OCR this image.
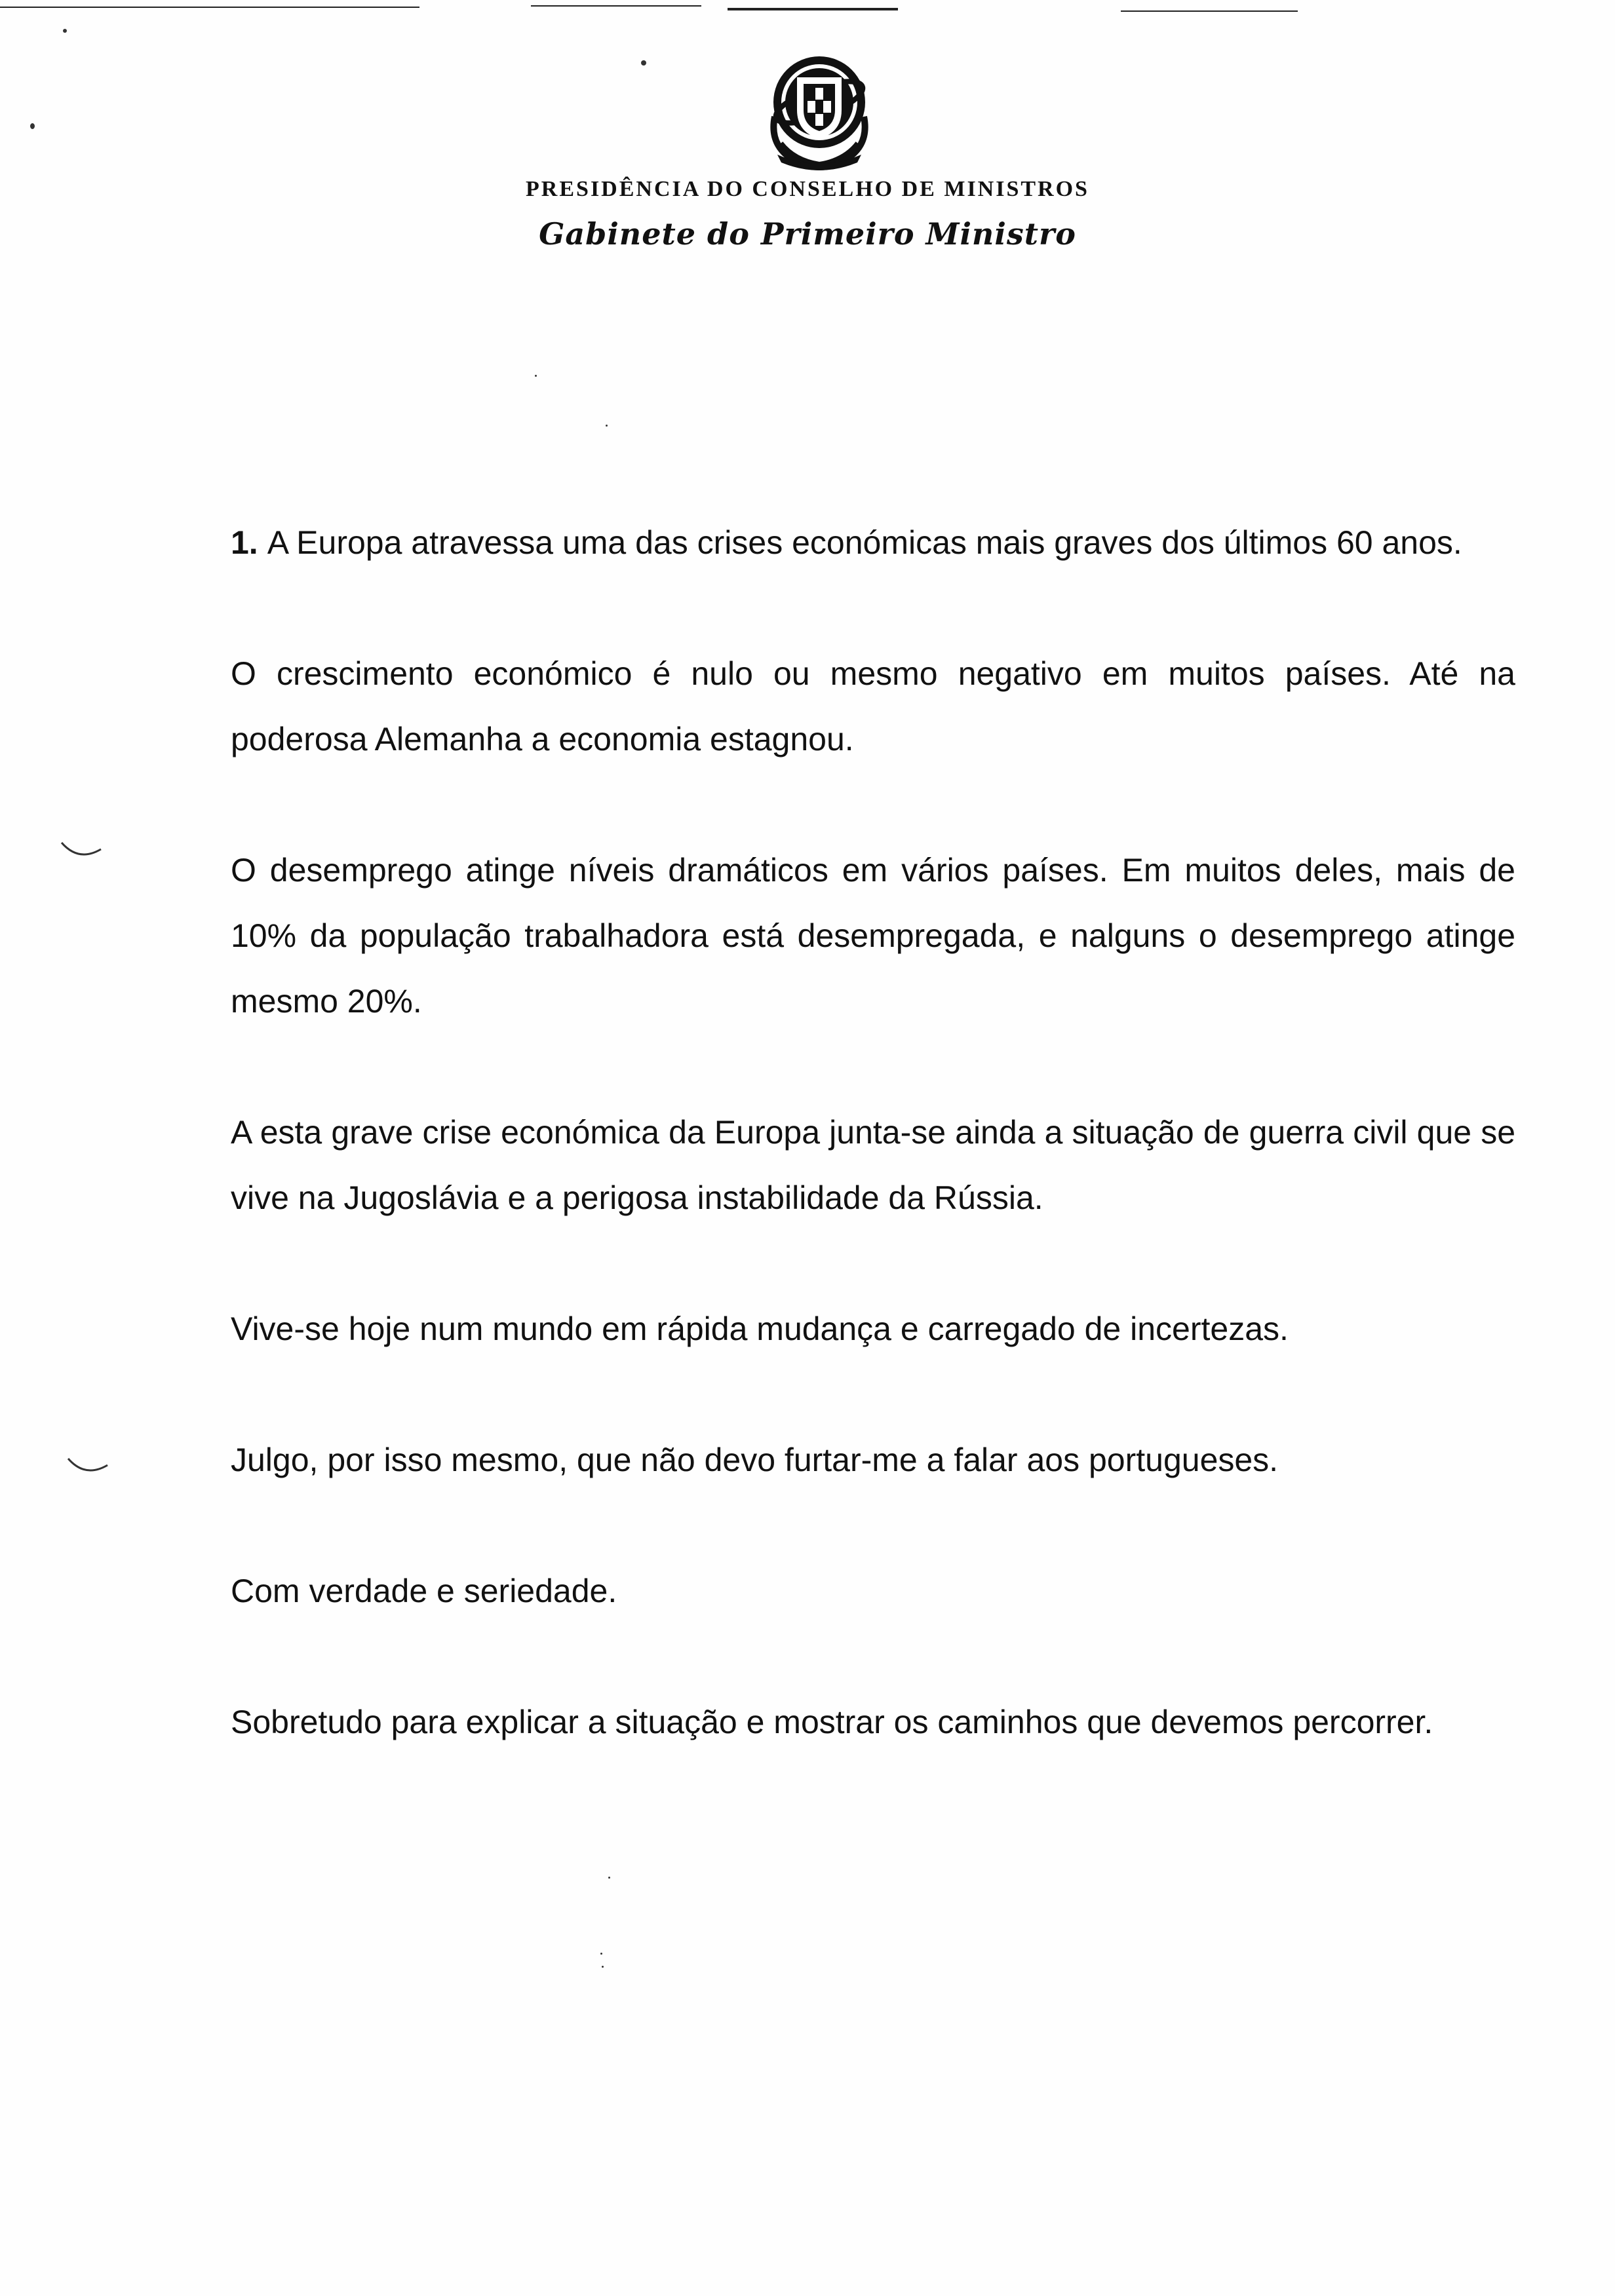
PRESIDÊNCIA DO CONSELHO DE MINISTROS
Gabinete do Primeiro Ministro

1. A Europa atravessa uma das crises económicas mais graves dos últimos 60 anos.

O crescimento económico é nulo ou mesmo negativo em muitos países. Até na poderosa Alemanha a economia estagnou.

O desemprego atinge níveis dramáticos em vários países. Em muitos deles, mais de 10% da população trabalhadora está desempregada, e nalguns o desemprego atinge mesmo 20%.

A esta grave crise económica da Europa junta-se ainda a situação de guerra civil que se vive na Jugoslávia e a perigosa instabilidade da Rússia.

Vive-se hoje num mundo em rápida mudança e carregado de incertezas.

Julgo, por isso mesmo, que não devo furtar-me a falar aos portugueses.

Com verdade e seriedade.

Sobretudo para explicar a situação e mostrar os caminhos que devemos percorrer.
